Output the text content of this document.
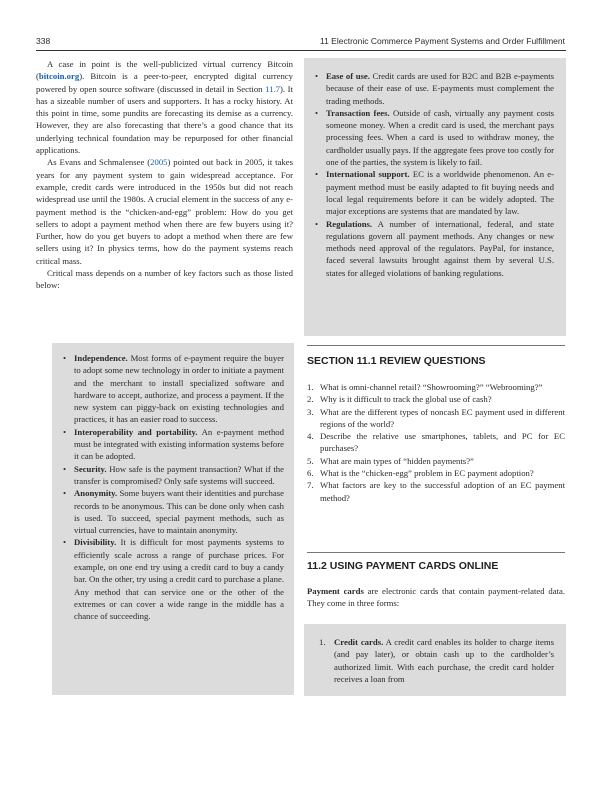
338	11 Electronic Commerce Payment Systems and Order Fulfillment

A case in point is the well-publicized virtual currency Bitcoin (bitcoin.org). Bitcoin is a peer-to-peer, encrypted digital currency powered by open source software (discussed in detail in Section 11.7). It has a sizeable number of users and supporters. It has a rocky history. At this point in time, some pundits are forecasting its demise as a currency. However, they are also forecasting that there’s a good chance that its underlying technical foundation may be repurposed for other financial applications.

As Evans and Schmalensee (2005) pointed out back in 2005, it takes years for any payment system to gain widespread acceptance. For example, credit cards were introduced in the 1950s but did not reach widespread use until the 1980s. A crucial element in the success of any e-payment method is the “chicken-and-egg” problem: How do you get sellers to adopt a payment method when there are few buyers using it? Further, how do you get buyers to adopt a method when there are few sellers using it? In physics terms, how do the payment systems reach critical mass.

Critical mass depends on a number of key factors such as those listed below:

• Ease of use. Credit cards are used for B2C and B2B e-payments because of their ease of use. E-payments must complement the trading methods.
• Transaction fees. Outside of cash, virtually any payment costs someone money. When a credit card is used, the merchant pays processing fees. When a card is used to withdraw money, the cardholder usually pays. If the aggregate fees prove too costly for one of the parties, the system is likely to fail.
• International support. EC is a worldwide phenomenon. An e-payment method must be easily adapted to fit buying needs and local legal requirements before it can be widely adopted. The major exceptions are systems that are mandated by law.
• Regulations. A number of international, federal, and state regulations govern all payment methods. Any changes or new methods need approval of the regulators. PayPal, for instance, faced several lawsuits brought against them by several U.S. states for alleged violations of banking regulations.
• Independence. Most forms of e-payment require the buyer to adopt some new technology in order to initiate a payment and the merchant to install specialized software and hardware to accept, authorize, and process a payment. If the new system can piggy-back on existing technologies and practices, it has an easier road to success.
• Interoperability and portability. An e-payment method must be integrated with existing information systems before it can be adopted.
• Security. How safe is the payment transaction? What if the transfer is compromised? Only safe systems will succeed.
• Anonymity. Some buyers want their identities and purchase records to be anonymous. This can be done only when cash is used. To succeed, special payment methods, such as virtual currencies, have to maintain anonymity.
• Divisibility. It is difficult for most payments systems to efficiently scale across a range of purchase prices. For example, on one end try using a credit card to buy a candy bar. On the other, try using a credit card to purchase a plane. Any method that can service one or the other of the extremes or can cover a wide range in the middle has a chance of succeeding.
SECTION 11.1 REVIEW QUESTIONS
1. What is omni-channel retail? “Showrooming?” “Webrooming?”
2. Why is it difficult to track the global use of cash?
3. What are the different types of noncash EC payment used in different regions of the world?
4. Describe the relative use smartphones, tablets, and PC for EC purchases?
5. What are main types of “hidden payments?”
6. What is the “chicken-egg” problem in EC payment adoption?
7. What factors are key to the successful adoption of an EC payment method?
11.2 USING PAYMENT CARDS ONLINE

Payment cards are electronic cards that contain payment-related data. They come in three forms:

1. Credit cards. A credit card enables its holder to charge items (and pay later), or obtain cash up to the cardholder’s authorized limit. With each purchase, the credit card holder receives a loan from
